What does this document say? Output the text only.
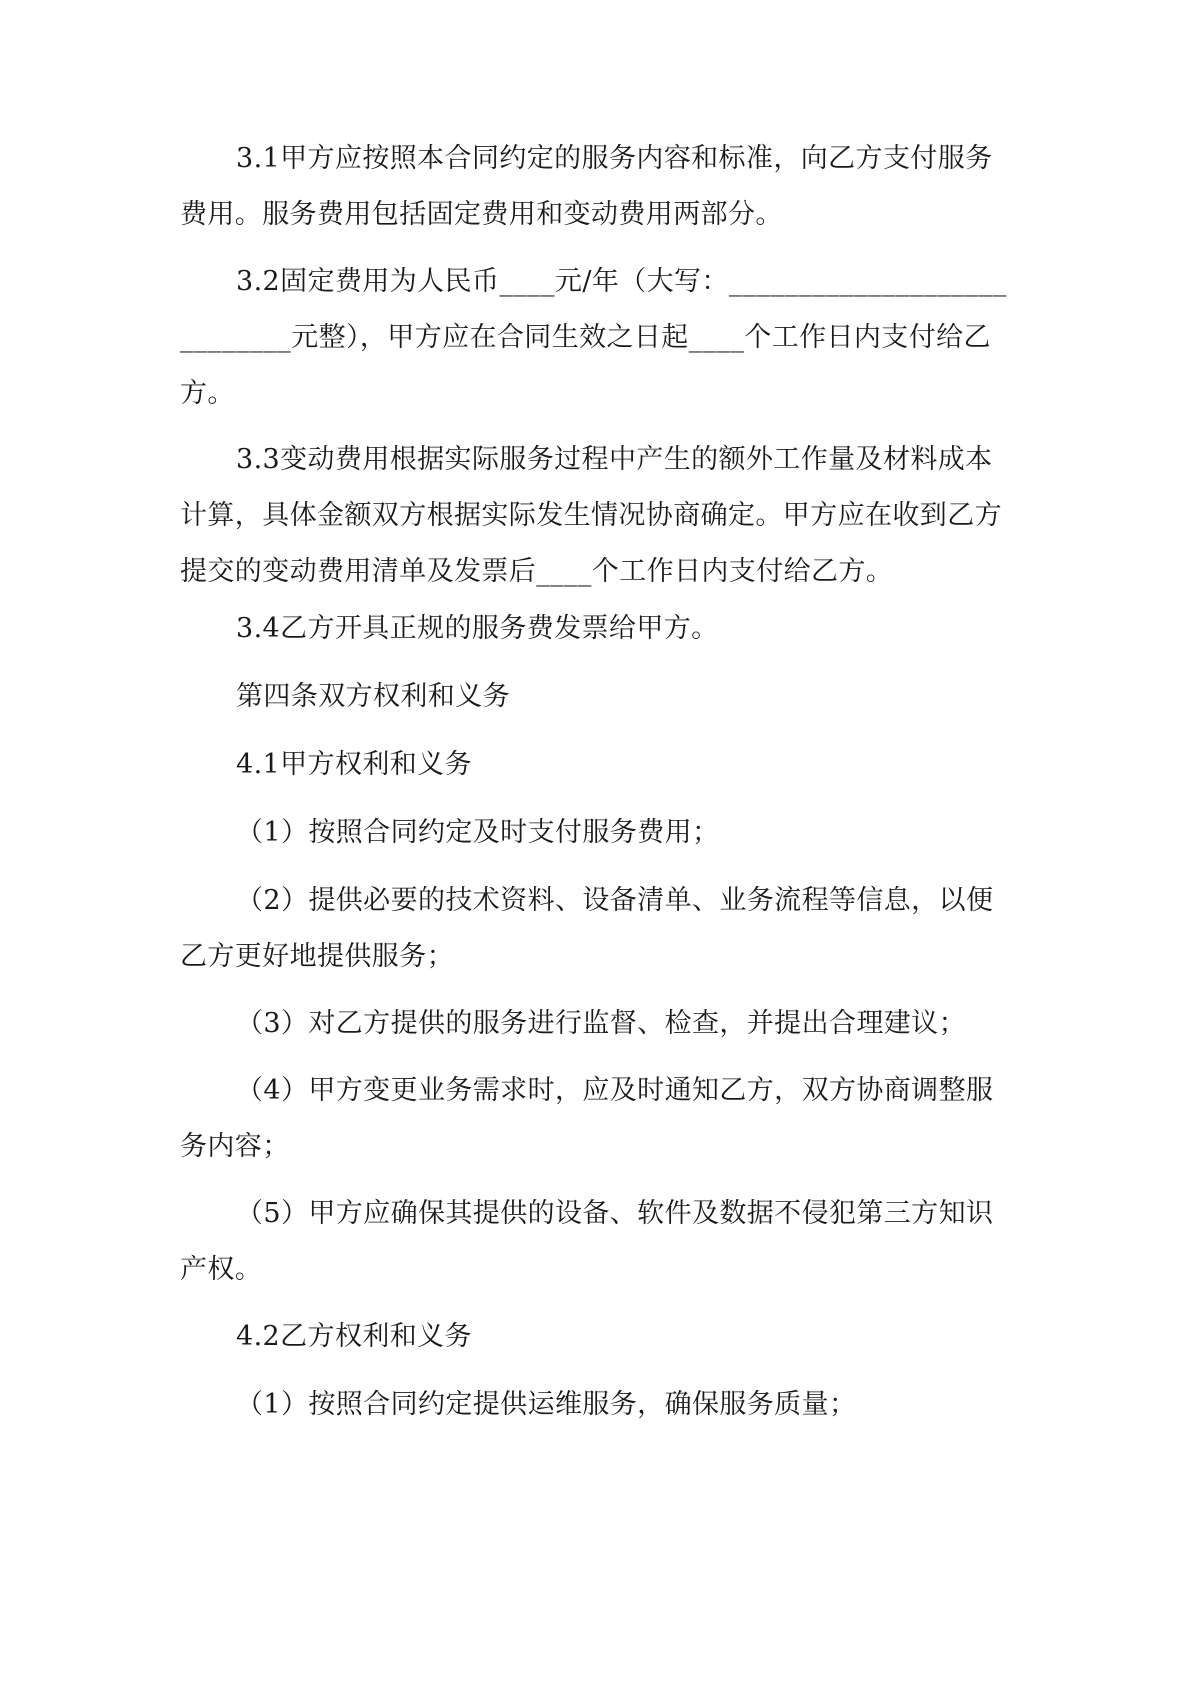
3.1甲方应按照本合同约定的服务内容和标准，向乙方支付服务费用。服务费用包括固定费用和变动费用两部分。

3.2固定费用为人民币____元/年（大写：____________________________元整），甲方应在合同生效之日起____个工作日内支付给乙方。

3.3变动费用根据实际服务过程中产生的额外工作量及材料成本计算，具体金额双方根据实际发生情况协商确定。甲方应在收到乙方提交的变动费用清单及发票后____个工作日内支付给乙方。

3.4乙方开具正规的服务费发票给甲方。

第四条双方权利和义务

4.1甲方权利和义务

（1）按照合同约定及时支付服务费用；

（2）提供必要的技术资料、设备清单、业务流程等信息，以便乙方更好地提供服务；

（3）对乙方提供的服务进行监督、检查，并提出合理建议；

（4）甲方变更业务需求时，应及时通知乙方，双方协商调整服务内容；

（5）甲方应确保其提供的设备、软件及数据不侵犯第三方知识产权。

4.2乙方权利和义务

（1）按照合同约定提供运维服务，确保服务质量；
